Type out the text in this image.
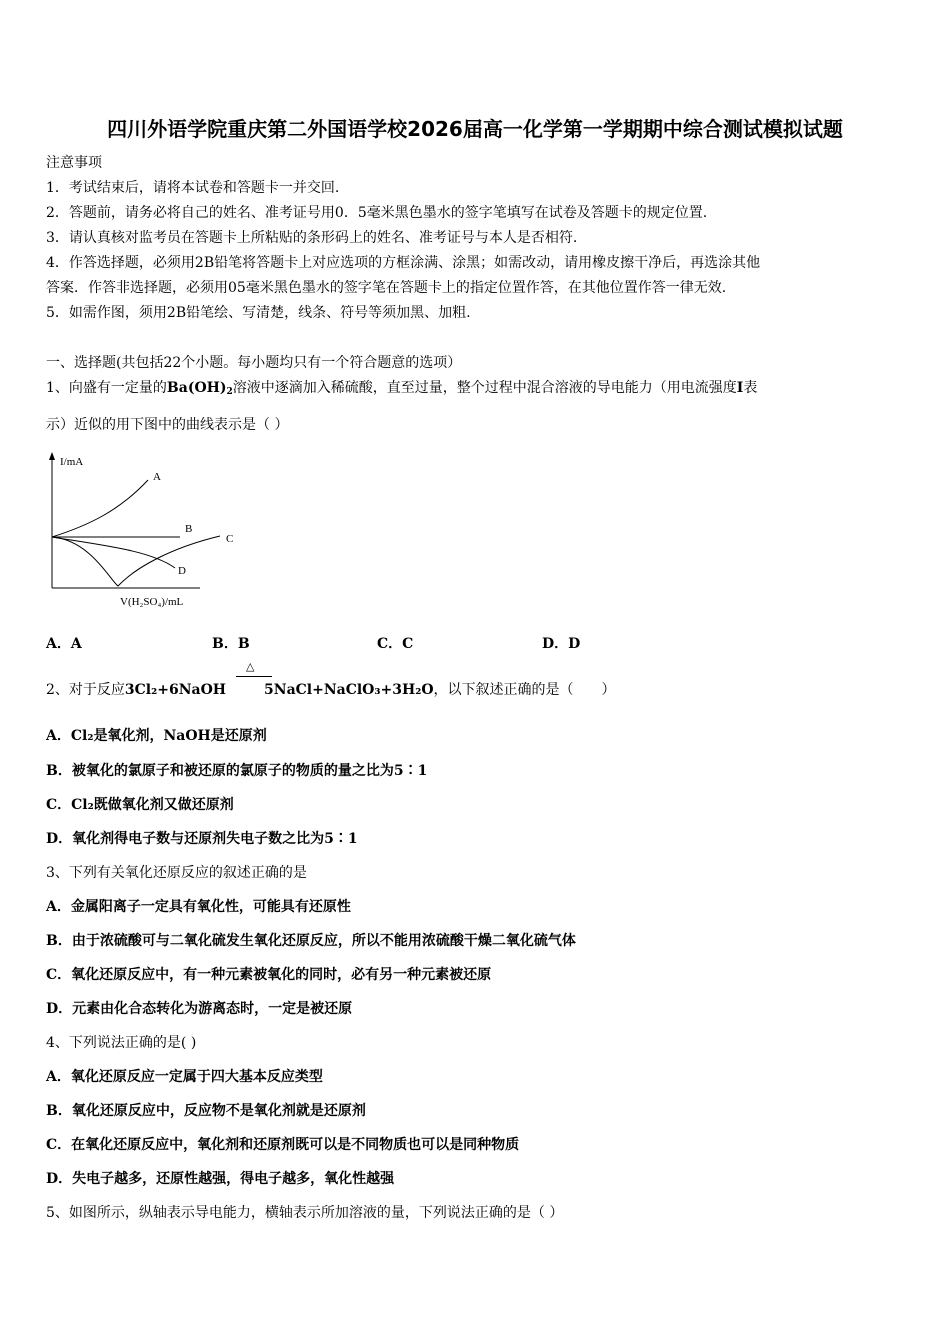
四川外语学院重庆第二外国语学校2026届高一化学第一学期期中综合测试模拟试题
注意事项
1．考试结束后，请将本试卷和答题卡一并交回.
2．答题前，请务必将自己的姓名、准考证号用0．5毫米黑色墨水的签字笔填写在试卷及答题卡的规定位置.
3．请认真核对监考员在答题卡上所粘贴的条形码上的姓名、准考证号与本人是否相符.
4．作答选择题，必须用2B铅笔将答题卡上对应选项的方框涂满、涂黑；如需改动，请用橡皮擦干净后，再选涂其他
答案．作答非选择题，必须用05毫米黑色墨水的签字笔在答题卡上的指定位置作答，在其他位置作答一律无效.
5．如需作图，须用2B铅笔绘、写清楚，线条、符号等须加黑、加粗.
一、选择题(共包括22个小题。每小题均只有一个符合题意的选项）
1、向盛有一定量的$Ba(OH)_2$溶液中逐滴加入稀硫酸，直至过量，整个过程中混合溶液的导电能力（用电流强度I表
示）近似的用下图中的曲线表示是（ ）
I/mA
V(H₂SO₄)/mL
A
B
C
D
A．A	B．B	C．C	D．D
△
2、对于反应3Cl₂+6NaOH	5NaCl+NaClO₃+3H₂O，以下叙述正确的是（　　）
A．Cl₂是氧化剂，NaOH是还原剂
B．被氧化的氯原子和被还原的氯原子的物质的量之比为5∶1
C．Cl₂既做氧化剂又做还原剂
D．氧化剂得电子数与还原剂失电子数之比为5∶1
3、下列有关氧化还原反应的叙述正确的是
A．金属阳离子一定具有氧化性，可能具有还原性
B．由于浓硫酸可与二氧化硫发生氧化还原反应，所以不能用浓硫酸干燥二氧化硫气体
C．氧化还原反应中，有一种元素被氧化的同时，必有另一种元素被还原
D．元素由化合态转化为游离态时，一定是被还原
4、下列说法正确的是( )
A．氧化还原反应一定属于四大基本反应类型
B．氧化还原反应中，反应物不是氧化剂就是还原剂
C．在氧化还原反应中，氧化剂和还原剂既可以是不同物质也可以是同种物质
D．失电子越多，还原性越强，得电子越多，氧化性越强
5、如图所示，纵轴表示导电能力，横轴表示所加溶液的量，下列说法正确的是（ ）
